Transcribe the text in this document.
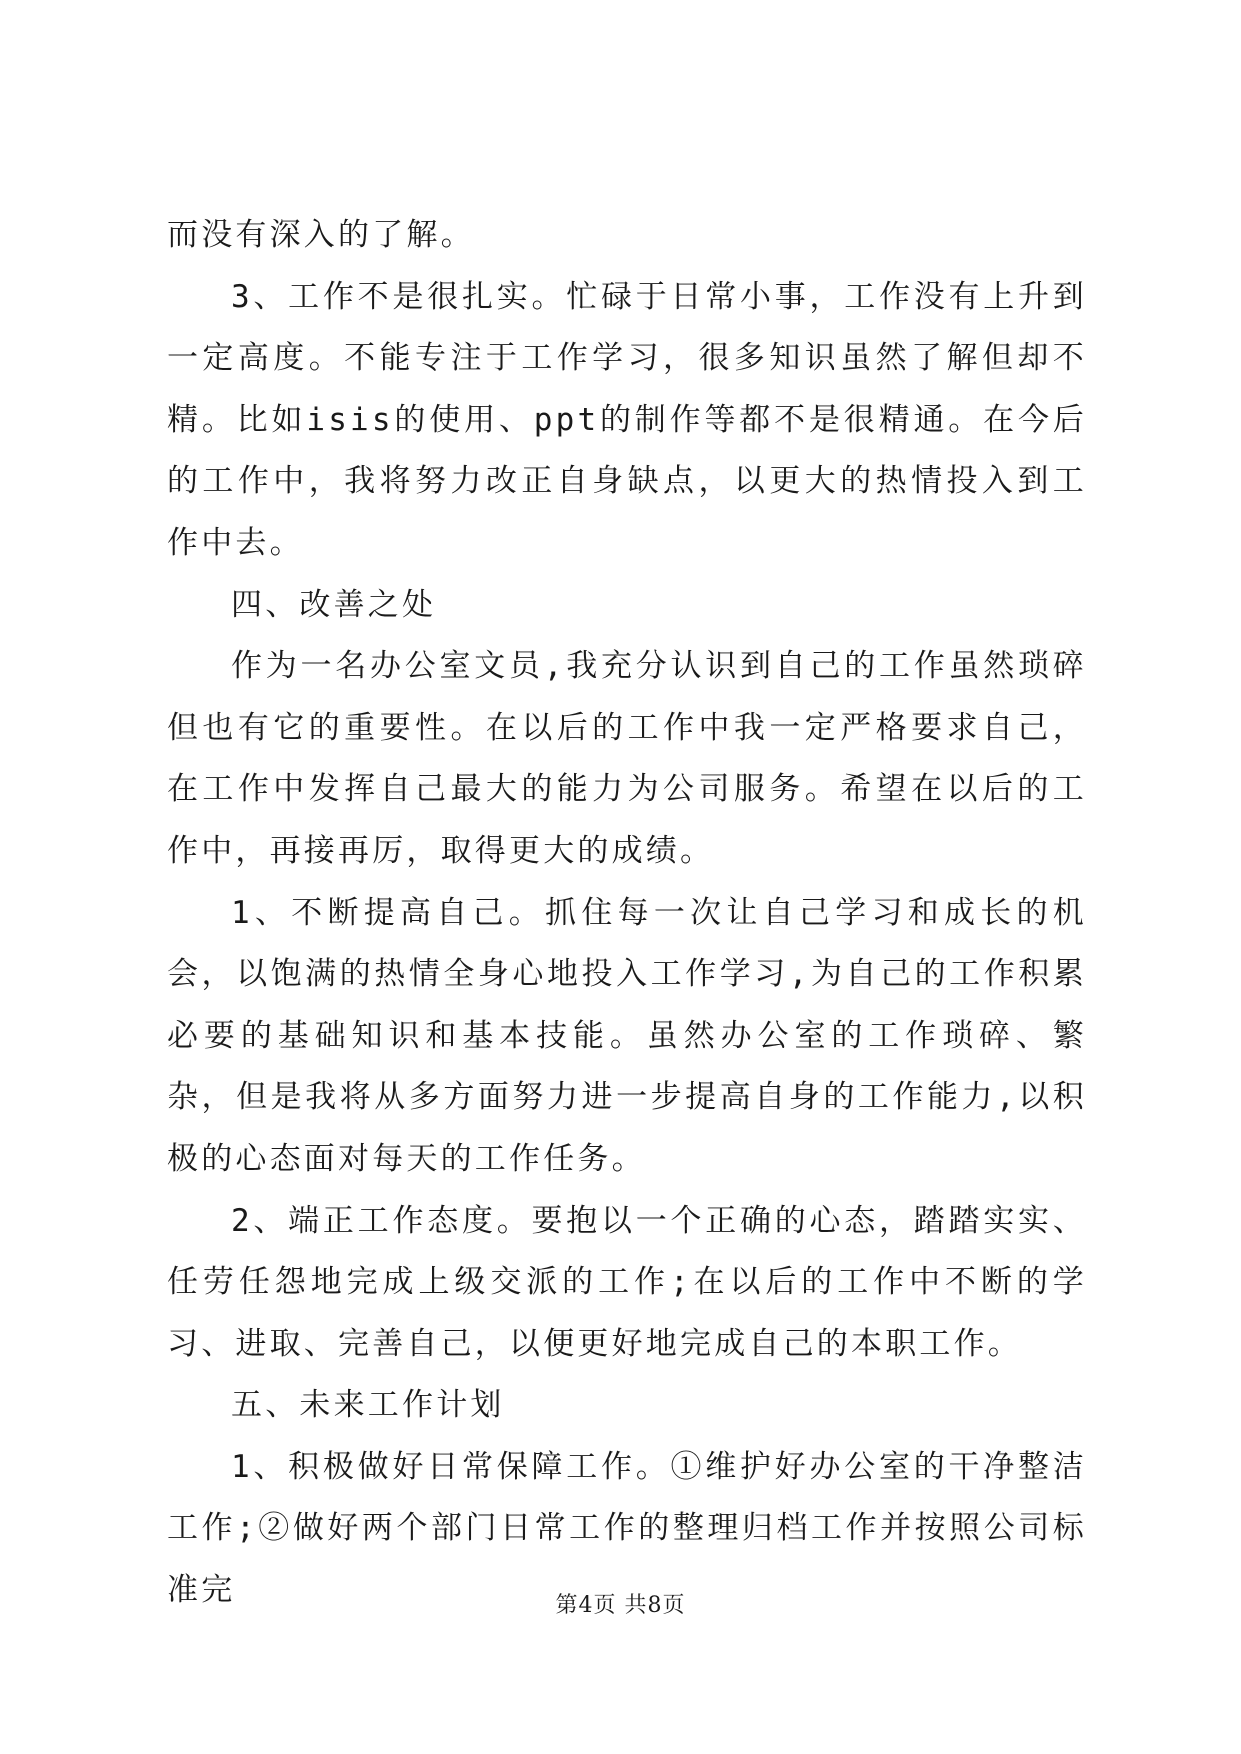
而没有深入的了解。

3、工作不是很扎实。忙碌于日常小事，工作没有上升到一定高度。不能专注于工作学习，很多知识虽然了解但却不精。比如isis的使用、ppt的制作等都不是很精通。在今后的工作中，我将努力改正自身缺点，以更大的热情投入到工作中去。

四、改善之处

作为一名办公室文员,我充分认识到自己的工作虽然琐碎但也有它的重要性。在以后的工作中我一定严格要求自己，在工作中发挥自己最大的能力为公司服务。希望在以后的工作中，再接再厉，取得更大的成绩。

1、不断提高自己。抓住每一次让自己学习和成长的机会，以饱满的热情全身心地投入工作学习,为自己的工作积累必要的基础知识和基本技能。虽然办公室的工作琐碎、繁杂，但是我将从多方面努力进一步提高自身的工作能力,以积极的心态面对每天的工作任务。

2、端正工作态度。要抱以一个正确的心态，踏踏实实、任劳任怨地完成上级交派的工作;在以后的工作中不断的学习、进取、完善自己，以便更好地完成自己的本职工作。

五、未来工作计划

1、积极做好日常保障工作。①维护好办公室的干净整洁工作;②做好两个部门日常工作的整理归档工作并按照公司标准完	第4页 共8页
